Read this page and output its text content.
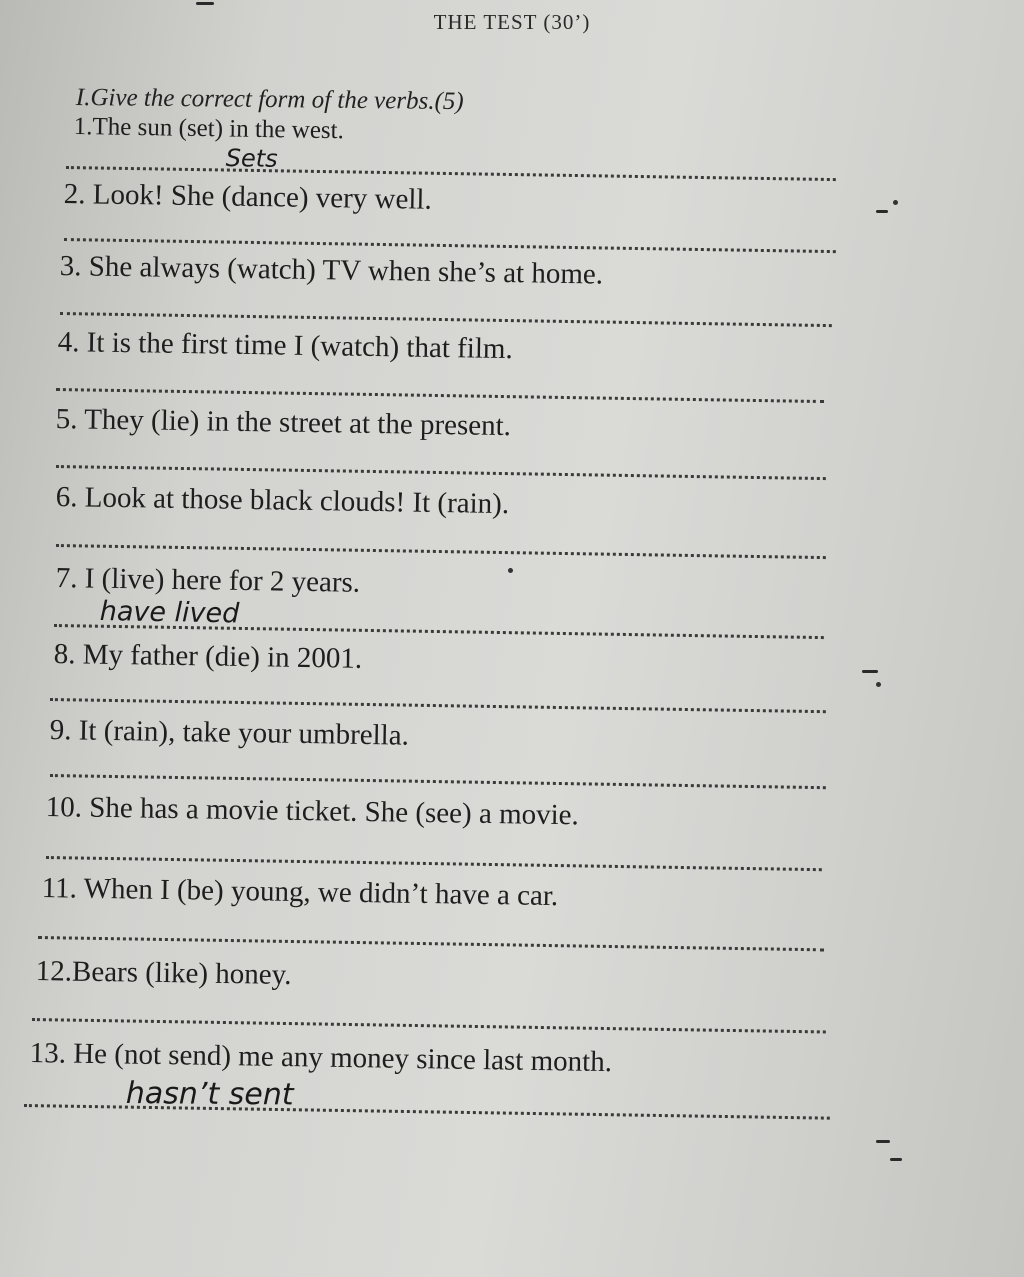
THE TEST (30’)
I.Give the correct form of the verbs.(5)
1.The sun (set) in the west.
Sets
2. Look! She (dance) very well.
3. She always (watch) TV when she’s at home.
4. It is the first time I (watch) that film.
5. They (lie) in the street at the present.
6. Look at those black clouds! It (rain).
7. I (live) here for 2 years.
have lived
8. My father (die) in 2001.
9. It (rain), take your umbrella.
10. She has a movie ticket. She (see) a movie.
11. When I (be) young, we didn’t have a car.
12.Bears (like) honey.
13. He (not send) me any money since last month.
hasn’t sent
